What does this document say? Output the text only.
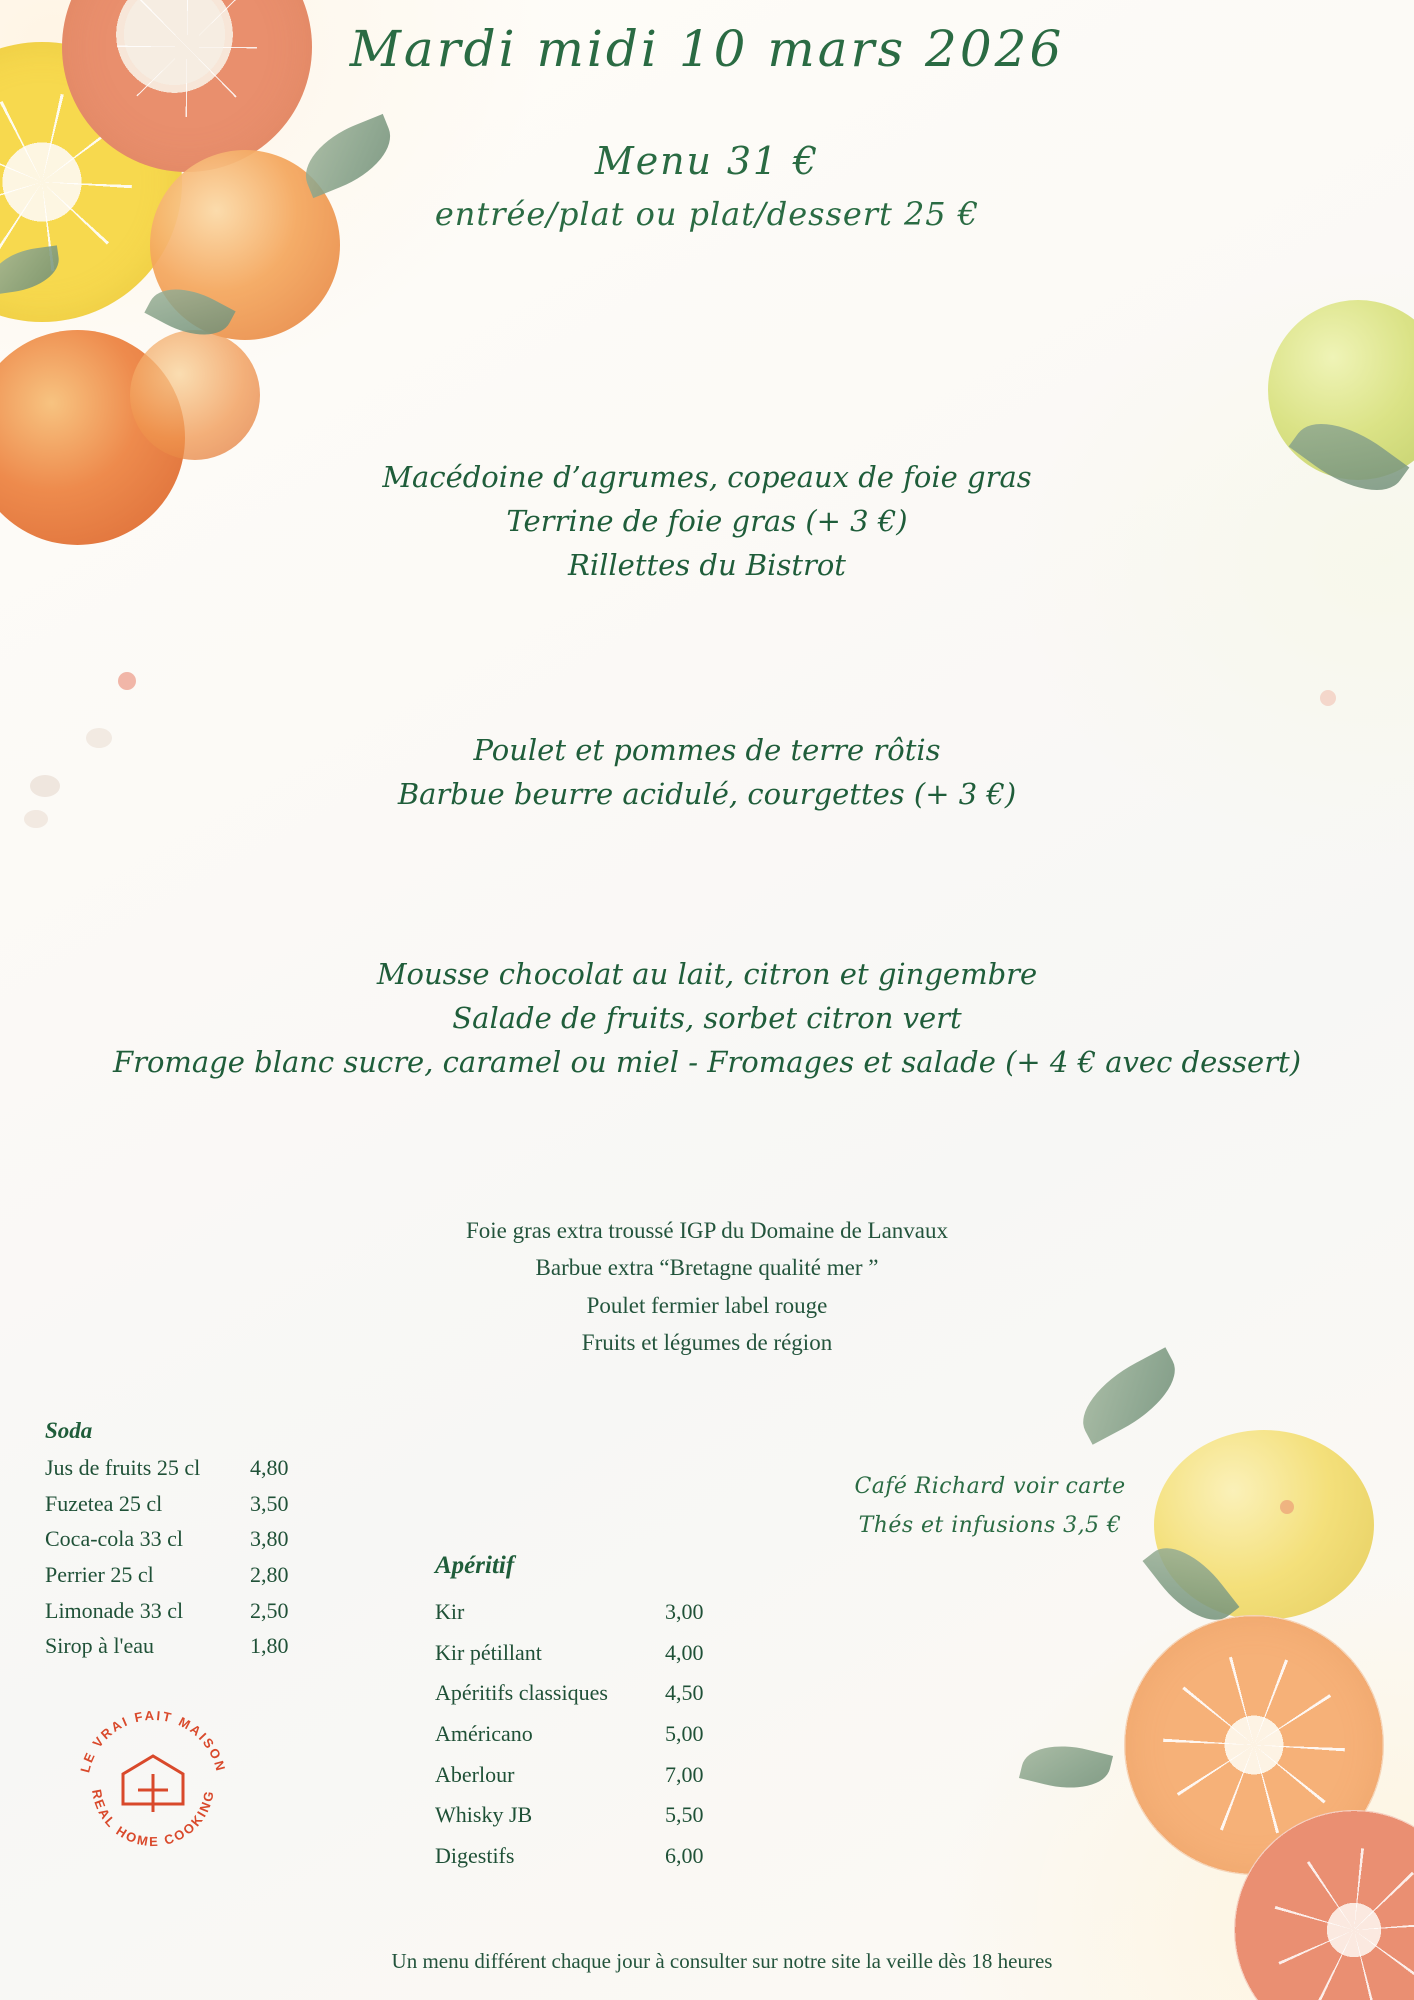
Mardi midi 10 mars 2026
Menu 31 €
entrée/plat ou plat/dessert 25 €
Macédoine d’agrumes, copeaux de foie gras
Terrine de foie gras (+ 3 €)
Rillettes du Bistrot
Poulet et pommes de terre rôtis
Barbue beurre acidulé, courgettes (+ 3 €)
Mousse chocolat au lait, citron et gingembre
Salade de fruits, sorbet citron vert
Fromage blanc sucre, caramel ou miel - Fromages et salade (+ 4 € avec dessert)
Foie gras extra troussé IGP du Domaine de Lanvaux
Barbue extra “Bretagne qualité mer ”
Poulet fermier label rouge
Fruits et légumes de région
Soda
Jus de fruits 25 cl	4,80
Fuzetea 25 cl	3,50
Coca-cola 33 cl	3,80
Perrier 25 cl	2,80
Limonade 33 cl	2,50
Sirop à l'eau	1,80
Apéritif
Kir	3,00
Kir pétillant	4,00
Apéritifs classiques	4,50
Américano	5,00
Aberlour	7,00
Whisky JB	5,50
Digestifs	6,00
Café Richard voir carte
Thés et infusions 3,5 €
LE VRAI FAIT MAISON
REAL HOME COOKING
Un menu différent chaque jour à consulter sur notre site la veille dès 18 heures
